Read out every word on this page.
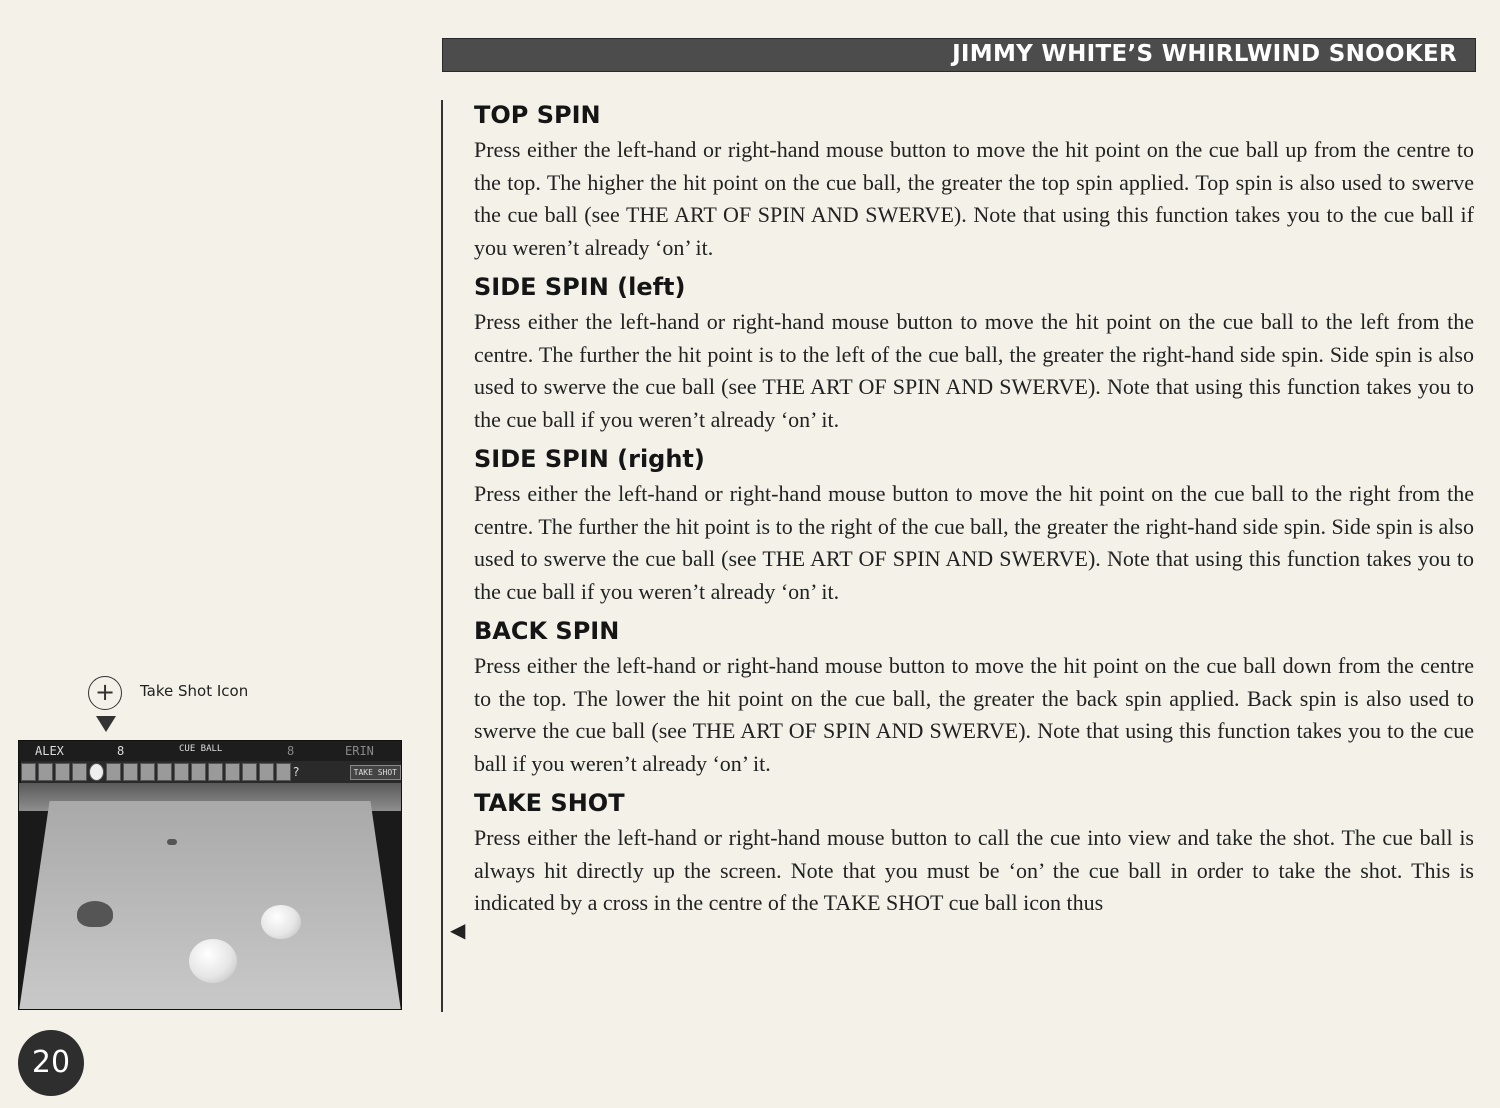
JIMMY WHITE’S WHIRLWIND SNOOKER
TOP SPIN

Press either the left-hand or right-hand mouse button to move the hit point on the cue ball up from the centre to the top. The higher the hit point on the cue ball, the greater the top spin applied. Top spin is also used to swerve the cue ball (see THE ART OF SPIN AND SWERVE). Note that using this function takes you to the cue ball if you weren’t already ‘on’ it.

SIDE SPIN (left)

Press either the left-hand or right-hand mouse button to move the hit point on the cue ball to the left from the centre. The further the hit point is to the left of the cue ball, the greater the right-hand side spin. Side spin is also used to swerve the cue ball (see THE ART OF SPIN AND SWERVE). Note that using this function takes you to the cue ball if you weren’t already ‘on’ it.

SIDE SPIN (right)

Press either the left-hand or right-hand mouse button to move the hit point on the cue ball to the right from the centre. The further the hit point is to the right of the cue ball, the greater the right-hand side spin. Side spin is also used to swerve the cue ball (see THE ART OF SPIN AND SWERVE). Note that using this function takes you to the cue ball if you weren’t already ‘on’ it.

BACK SPIN

Press either the left-hand or right-hand mouse button to move the hit point on the cue ball down from the centre to the top. The lower the hit point on the cue ball, the greater the back spin applied. Back spin is also used to swerve the cue ball (see THE ART OF SPIN AND SWERVE). Note that using this function takes you to the cue ball if you weren’t already ‘on’ it.

TAKE SHOT

Press either the left-hand or right-hand mouse button to call the cue into view and take the shot. The cue ball is always hit directly up the screen. Note that you must be ‘on’ the cue ball in order to take the shot. This is indicated by a cross in the centre of the TAKE SHOT cue ball icon thus

◀
+	Take Shot Icon
ALEX	8	CUE BALL	8	ERIN
?	TAKE SHOT
20
